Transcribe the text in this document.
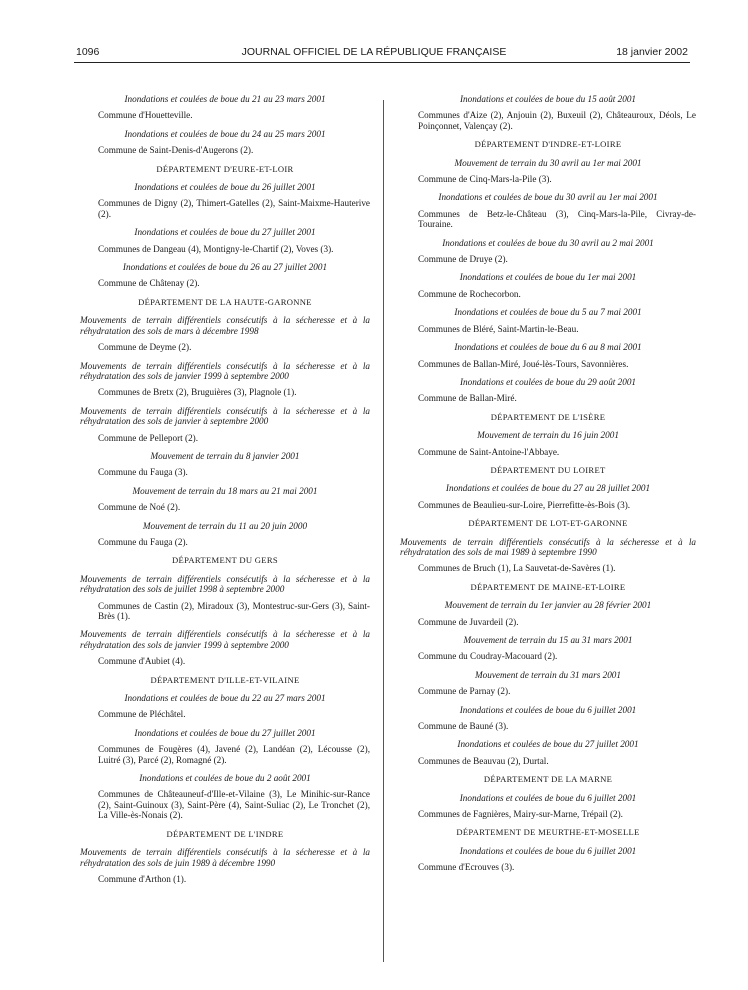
1096	JOURNAL OFFICIEL DE LA RÉPUBLIQUE FRANÇAISE	18 janvier 2002

Inondations et coulées de boue du 21 au 23 mars 2001

Commune d'Houetteville.

Inondations et coulées de boue du 24 au 25 mars 2001

Commune de Saint-Denis-d'Augerons (2).

DÉPARTEMENT D'EURE-ET-LOIR

Inondations et coulées de boue du 26 juillet 2001

Communes de Digny (2), Thimert-Gatelles (2), Saint-Maixme-Hauterive (2).

Inondations et coulées de boue du 27 juillet 2001

Communes de Dangeau (4), Montigny-le-Chartif (2), Voves (3).

Inondations et coulées de boue du 26 au 27 juillet 2001

Commune de Châtenay (2).

DÉPARTEMENT DE LA HAUTE-GARONNE

Mouvements de terrain différentiels consécutifs à la sécheresse et à la réhydratation des sols de mars à décembre 1998

Commune de Deyme (2).

Mouvements de terrain différentiels consécutifs à la sécheresse et à la réhydratation des sols de janvier 1999 à septembre 2000

Communes de Bretx (2), Bruguières (3), Plagnole (1).

Mouvements de terrain différentiels consécutifs à la sécheresse et à la réhydratation des sols de janvier à septembre 2000

Commune de Pelleport (2).

Mouvement de terrain du 8 janvier 2001

Commune du Fauga (3).

Mouvement de terrain du 18 mars au 21 mai 2001

Commune de Noé (2).

Mouvement de terrain du 11 au 20 juin 2000

Commune du Fauga (2).

DÉPARTEMENT DU GERS

Mouvements de terrain différentiels consécutifs à la sécheresse et à la réhydratation des sols de juillet 1998 à septembre 2000

Communes de Castin (2), Miradoux (3), Montestruc-sur-Gers (3), Saint-Brès (1).

Mouvements de terrain différentiels consécutifs à la sécheresse et à la réhydratation des sols de janvier 1999 à septembre 2000

Commune d'Aubiet (4).

DÉPARTEMENT D'ILLE-ET-VILAINE

Inondations et coulées de boue du 22 au 27 mars 2001

Commune de Pléchâtel.

Inondations et coulées de boue du 27 juillet 2001

Communes de Fougères (4), Javené (2), Landéan (2), Lécousse (2), Luitré (3), Parcé (2), Romagné (2).

Inondations et coulées de boue du 2 août 2001

Communes de Châteauneuf-d'Ille-et-Vilaine (3), Le Minihic-sur-Rance (2), Saint-Guinoux (3), Saint-Père (4), Saint-Suliac (2), Le Tronchet (2), La Ville-ès-Nonais (2).

DÉPARTEMENT DE L'INDRE

Mouvements de terrain différentiels consécutifs à la sécheresse et à la réhydratation des sols de juin 1989 à décembre 1990

Commune d'Arthon (1).

Inondations et coulées de boue du 15 août 2001

Communes d'Aize (2), Anjouin (2), Buxeuil (2), Châteauroux, Déols, Le Poinçonnet, Valençay (2).

DÉPARTEMENT D'INDRE-ET-LOIRE

Mouvement de terrain du 30 avril au 1er mai 2001

Commune de Cinq-Mars-la-Pile (3).

Inondations et coulées de boue du 30 avril au 1er mai 2001

Communes de Betz-le-Château (3), Cinq-Mars-la-Pile, Civray-de-Touraine.

Inondations et coulées de boue du 30 avril au 2 mai 2001

Commune de Druye (2).

Inondations et coulées de boue du 1er mai 2001

Commune de Rochecorbon.

Inondations et coulées de boue du 5 au 7 mai 2001

Communes de Bléré, Saint-Martin-le-Beau.

Inondations et coulées de boue du 6 au 8 mai 2001

Communes de Ballan-Miré, Joué-lès-Tours, Savonnières.

Inondations et coulées de boue du 29 août 2001

Commune de Ballan-Miré.

DÉPARTEMENT DE L'ISÈRE

Mouvement de terrain du 16 juin 2001

Commune de Saint-Antoine-l'Abbaye.

DÉPARTEMENT DU LOIRET

Inondations et coulées de boue du 27 au 28 juillet 2001

Communes de Beaulieu-sur-Loire, Pierrefitte-ès-Bois (3).

DÉPARTEMENT DE LOT-ET-GARONNE

Mouvements de terrain différentiels consécutifs à la sécheresse et à la réhydratation des sols de mai 1989 à septembre 1990

Communes de Bruch (1), La Sauvetat-de-Savères (1).

DÉPARTEMENT DE MAINE-ET-LOIRE

Mouvement de terrain du 1er janvier au 28 février 2001

Commune de Juvardeil (2).

Mouvement de terrain du 15 au 31 mars 2001

Commune du Coudray-Macouard (2).

Mouvement de terrain du 31 mars 2001

Commune de Parnay (2).

Inondations et coulées de boue du 6 juillet 2001

Commune de Bauné (3).

Inondations et coulées de boue du 27 juillet 2001

Communes de Beauvau (2), Durtal.

DÉPARTEMENT DE LA MARNE

Inondations et coulées de boue du 6 juillet 2001

Communes de Fagnières, Mairy-sur-Marne, Trépail (2).

DÉPARTEMENT DE MEURTHE-ET-MOSELLE

Inondations et coulées de boue du 6 juillet 2001

Commune d'Ecrouves (3).
